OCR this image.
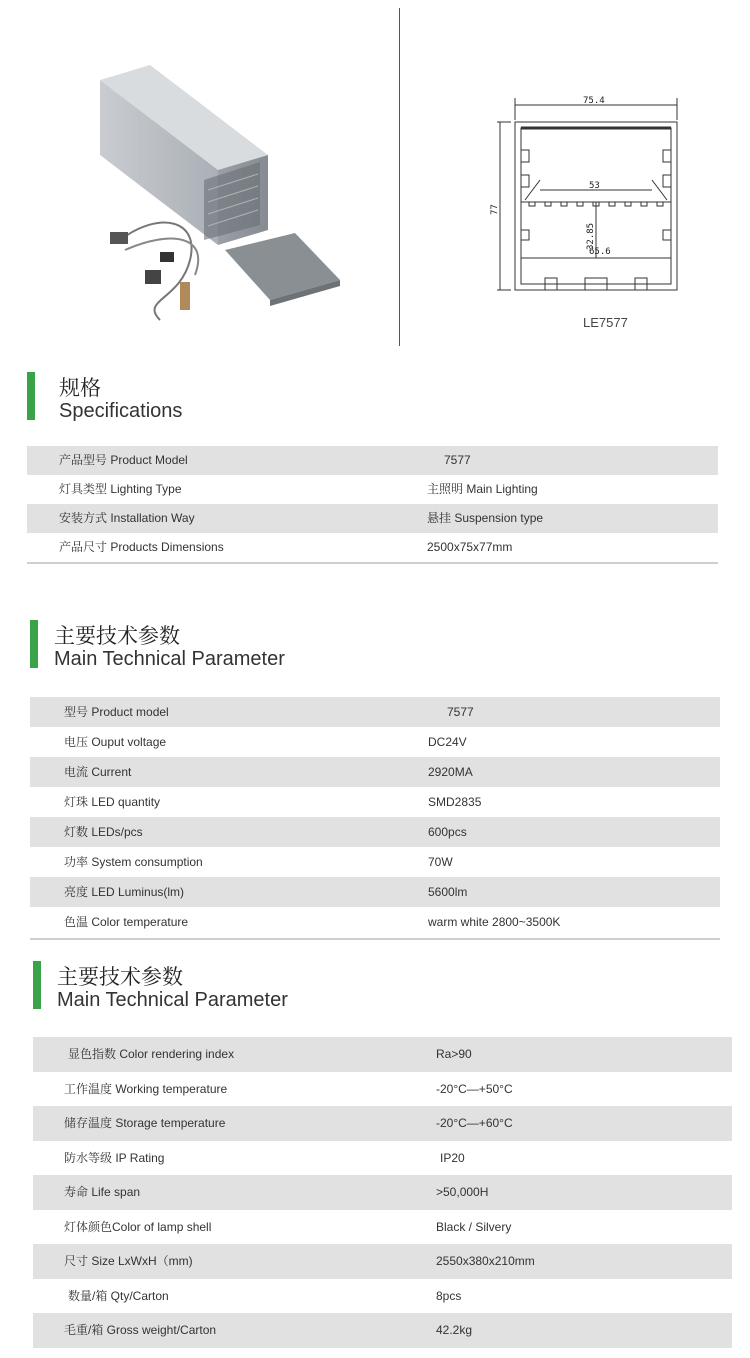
75.4
53
65.6
77
32.85
LE7577
规格
Specifications
产品型号 Product Model	7577
灯具类型 Lighting Type	主照明 Main Lighting
安装方式 Installation Way	悬挂 Suspension type
产品尺寸 Products Dimensions	2500x75x77mm
主要技术参数
Main Technical Parameter
型号 Product model	7577
电压 Ouput voltage	DC24V
电流 Current	2920MA
灯珠 LED quantity	SMD2835
灯数 LEDs/pcs	600pcs
功率 System consumption	70W
亮度 LED Luminus(lm)	5600lm
色温 Color temperature	warm white 2800~3500K
主要技术参数
Main Technical Parameter
显色指数 Color rendering index	Ra>90
工作温度 Working temperature	-20°C—+50°C
储存温度 Storage temperature	-20°C—+60°C
防水等级 IP Rating	IP20
寿命 Life span	>50,000H
灯体颜色Color of lamp shell	Black / Silvery
尺寸 Size LxWxH（mm)	2550x380x210mm
数量/箱 Qty/Carton	8pcs
毛重/箱 Gross weight/Carton	42.2kg
